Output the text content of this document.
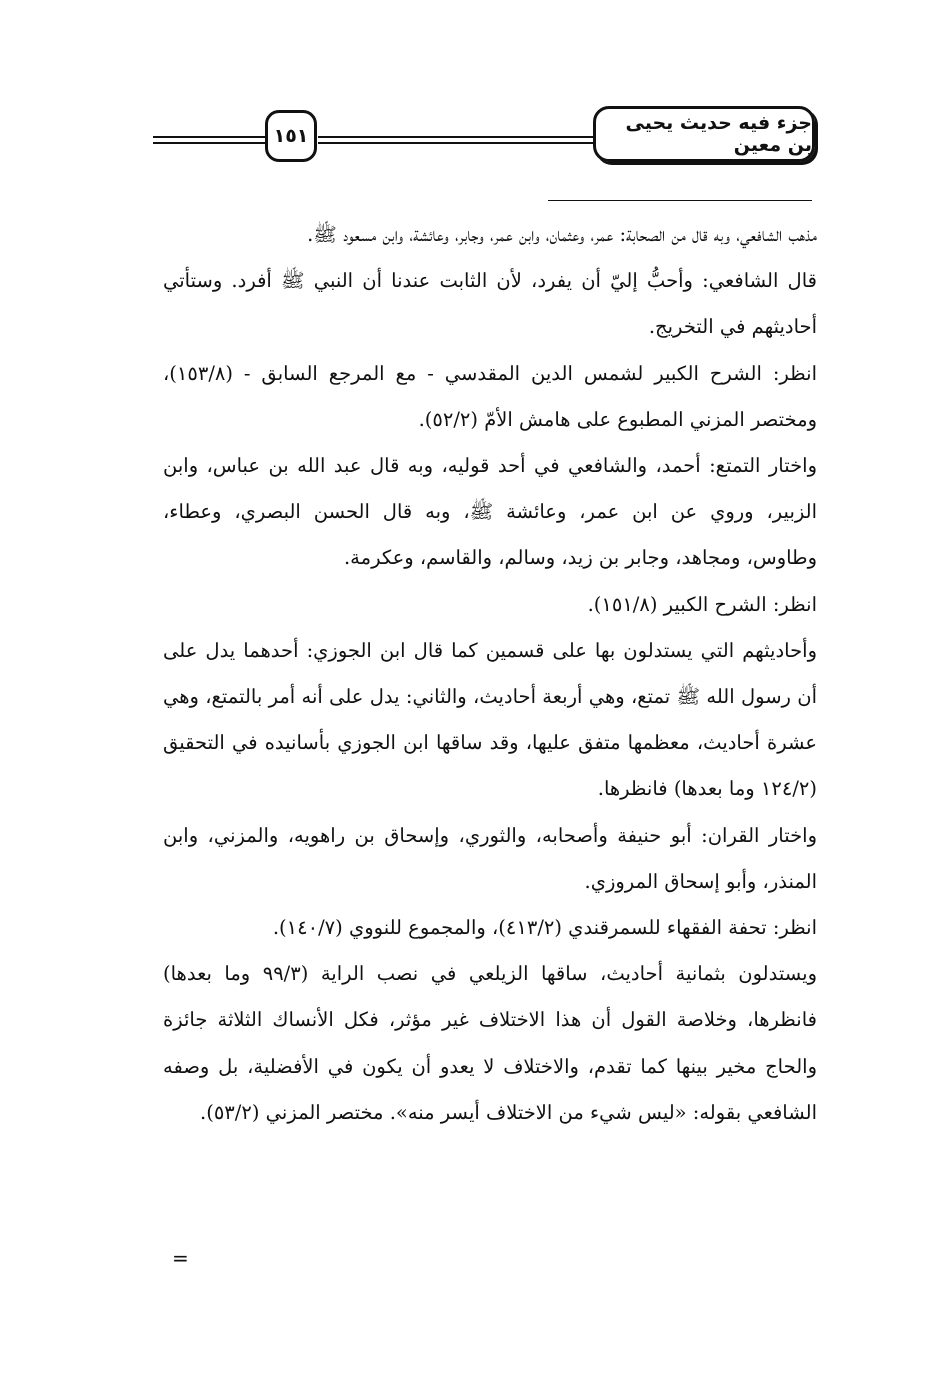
١٥١
جزء فيه حديث يحيى بن معين

مذهب الشافعي، وبه قال من الصحابة: عمر، وعثمان، وابن عمر، وجابر، وعائشة، وابن مسعود ﷺ.

قال الشافعي: وأحبُّ إليّ أن يفرد، لأن الثابت عندنا أن النبي ﷺ أفرد. وستأتي أحاديثهم في التخريج.

انظر: الشرح الكبير لشمس الدين المقدسي - مع المرجع السابق - (١٥٣/٨)، ومختصر المزني المطبوع على هامش الأمّ (٥٢/٢).

واختار التمتع: أحمد، والشافعي في أحد قوليه، وبه قال عبد الله بن عباس، وابن الزبير، وروي عن ابن عمر، وعائشة ﷺ، وبه قال الحسن البصري، وعطاء، وطاوس، ومجاهد، وجابر بن زيد، وسالم، والقاسم، وعكرمة.

انظر: الشرح الكبير (١٥١/٨).

وأحاديثهم التي يستدلون بها على قسمين كما قال ابن الجوزي: أحدهما يدل على أن رسول الله ﷺ تمتع، وهي أربعة أحاديث، والثاني: يدل على أنه أمر بالتمتع، وهي عشرة أحاديث، معظمها متفق عليها، وقد ساقها ابن الجوزي بأسانيده في التحقيق (١٢٤/٢ وما بعدها) فانظرها.

واختار القران: أبو حنيفة وأصحابه، والثوري، وإسحاق بن راهويه، والمزني، وابن المنذر، وأبو إسحاق المروزي.

انظر: تحفة الفقهاء للسمرقندي (٤١٣/٢)، والمجموع للنووي (١٤٠/٧).

ويستدلون بثمانية أحاديث، ساقها الزيلعي في نصب الراية (٩٩/٣ وما بعدها) فانظرها، وخلاصة القول أن هذا الاختلاف غير مؤثر، فكل الأنساك الثلاثة جائزة والحاج مخير بينها كما تقدم، والاختلاف لا يعدو أن يكون في الأفضلية، بل وصفه الشافعي بقوله: «ليس شيء من الاختلاف أيسر منه». مختصر المزني (٥٣/٢).

=
